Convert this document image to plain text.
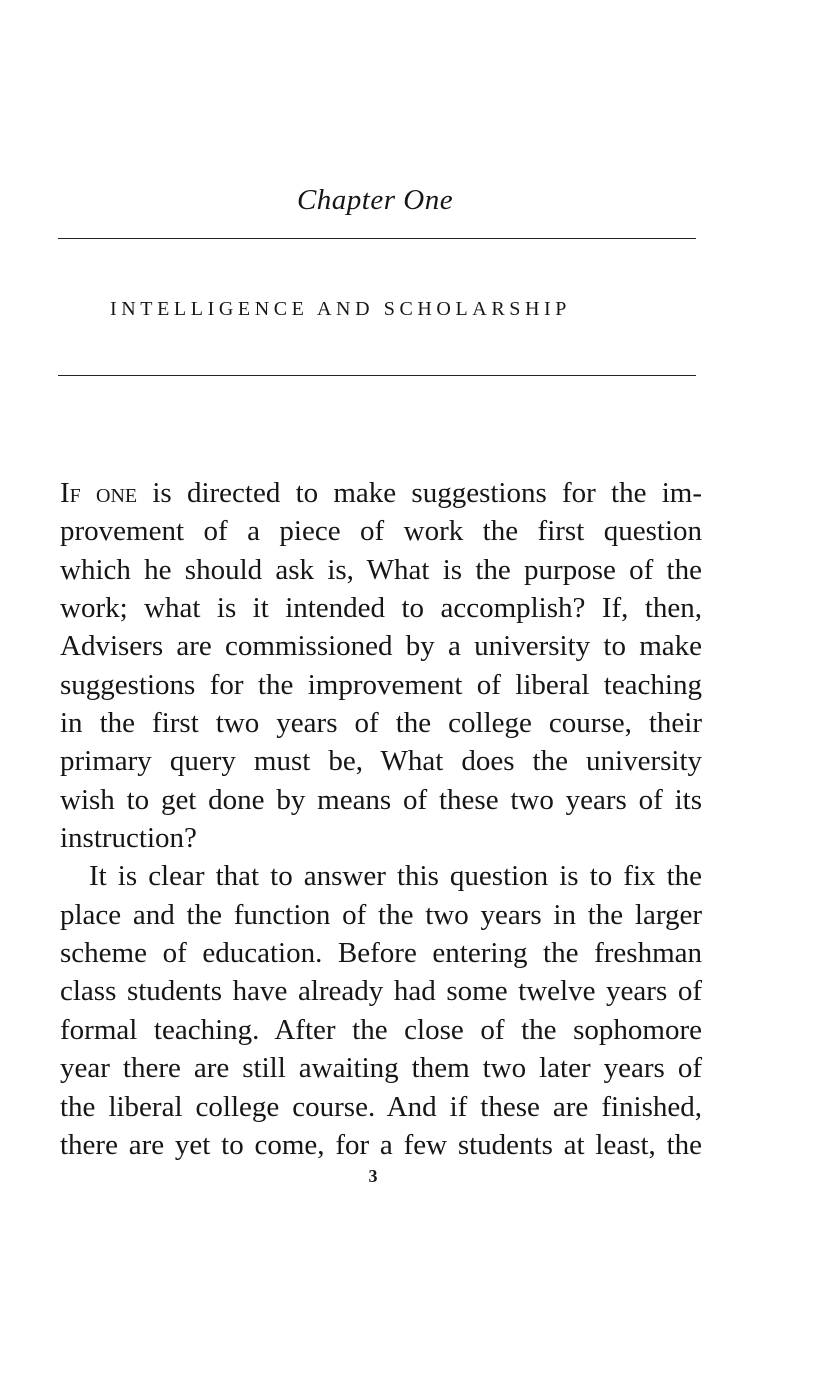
Chapter One
INTELLIGENCE AND SCHOLARSHIP
If one is directed to make suggestions for the im-
provement of a piece of work the first question
which he should ask is, What is the purpose of the
work; what is it intended to accomplish? If, then,
Advisers are commissioned by a university to make
suggestions for the improvement of liberal teaching
in the first two years of the college course, their
primary query must be, What does the university
wish to get done by means of these two years of its
instruction?
It is clear that to answer this question is to fix the
place and the function of the two years in the larger
scheme of education. Before entering the freshman
class students have already had some twelve years of
formal teaching. After the close of the sophomore
year there are still awaiting them two later years of
the liberal college course. And if these are finished,
there are yet to come, for a few students at least, the
3
